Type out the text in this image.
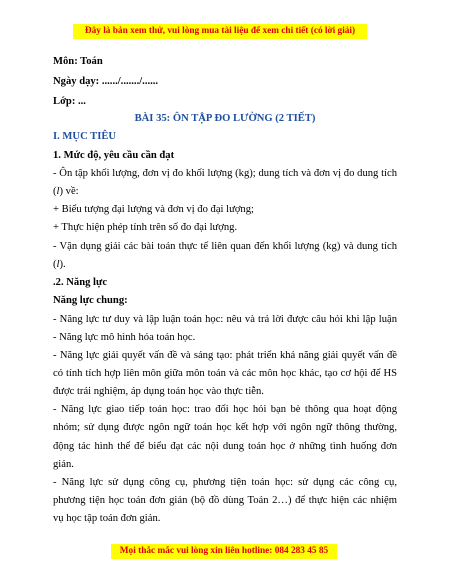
Đây là bản xem thử, vui lòng mua tài liệu để xem chi tiết (có lời giải)
Môn: Toán
Ngày dạy: ....../......./......
Lớp: ...
BÀI 35: ÔN TẬP ĐO LƯỜNG (2 TIẾT)
I. MỤC TIÊU
1. Mức độ, yêu cầu cần đạt
- Ôn tập khối lượng, đơn vị đo khối lượng (kg); dung tích và đơn vị đo dung tích
(l) về:
+ Biểu tượng đại lượng và đơn vị đo đại lượng;
+ Thực hiện phép tính trên số đo đại lượng.
- Vận dụng giải các bài toán thực tế liên quan đến khối lượng (kg) và dung tích
(l).
.2. Năng lực
Năng lực chung:
- Năng lực tư duy và lập luận toán học: nêu và trả lời được câu hỏi khi lập luận
- Năng lực mô hình hóa toán học.
- Năng lực giải quyết vấn đề và sáng tạo: phát triển khả năng giải quyết vấn đề
có tính tích hợp liên môn giữa môn toán và các môn học khác, tạo cơ hội để HS
được trải nghiệm, áp dụng toán học vào thực tiễn.
- Năng lực giao tiếp toán học: trao đổi học hỏi bạn bè thông qua hoạt động
nhóm; sử dụng được ngôn ngữ toán học kết hợp với ngôn ngữ thông thường,
động tác hình thể để biểu đạt các nội dung toán học ở những tình huống đơn
giản.
- Năng lực sử dụng công cụ, phương tiện toán học: sử dụng các công cụ,
phương tiện học toán đơn giản (bộ đồ dùng Toán 2…) để thực hiện các nhiệm
vụ học tập toán đơn giản.
Mọi thắc mắc vui lòng xin liên hotline: 084 283 45 85
